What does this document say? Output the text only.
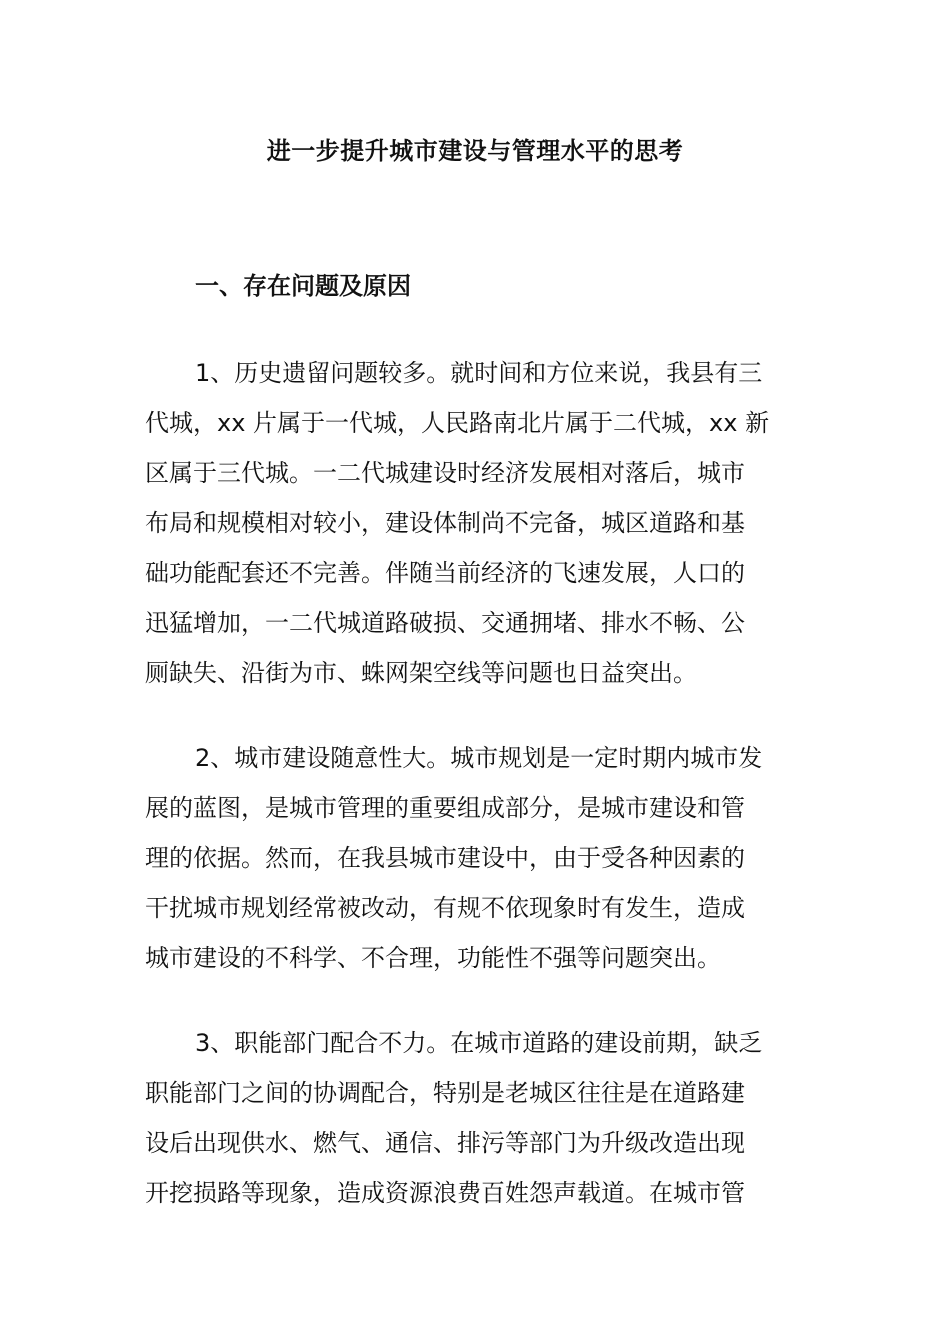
进一步提升城市建设与管理水平的思考
一、存在问题及原因
1、历史遗留问题较多。就时间和方位来说，我县有三
代城，xx 片属于一代城，人民路南北片属于二代城，xx 新
区属于三代城。一二代城建设时经济发展相对落后，城市
布局和规模相对较小，建设体制尚不完备，城区道路和基
础功能配套还不完善。伴随当前经济的飞速发展，人口的
迅猛增加，一二代城道路破损、交通拥堵、排水不畅、公
厕缺失、沿街为市、蛛网架空线等问题也日益突出。
2、城市建设随意性大。城市规划是一定时期内城市发
展的蓝图，是城市管理的重要组成部分，是城市建设和管
理的依据。然而，在我县城市建设中，由于受各种因素的
干扰城市规划经常被改动，有规不依现象时有发生，造成
城市建设的不科学、不合理，功能性不强等问题突出。
3、职能部门配合不力。在城市道路的建设前期，缺乏
职能部门之间的协调配合，特别是老城区往往是在道路建
设后出现供水、燃气、通信、排污等部门为升级改造出现
开挖损路等现象，造成资源浪费百姓怨声载道。在城市管
